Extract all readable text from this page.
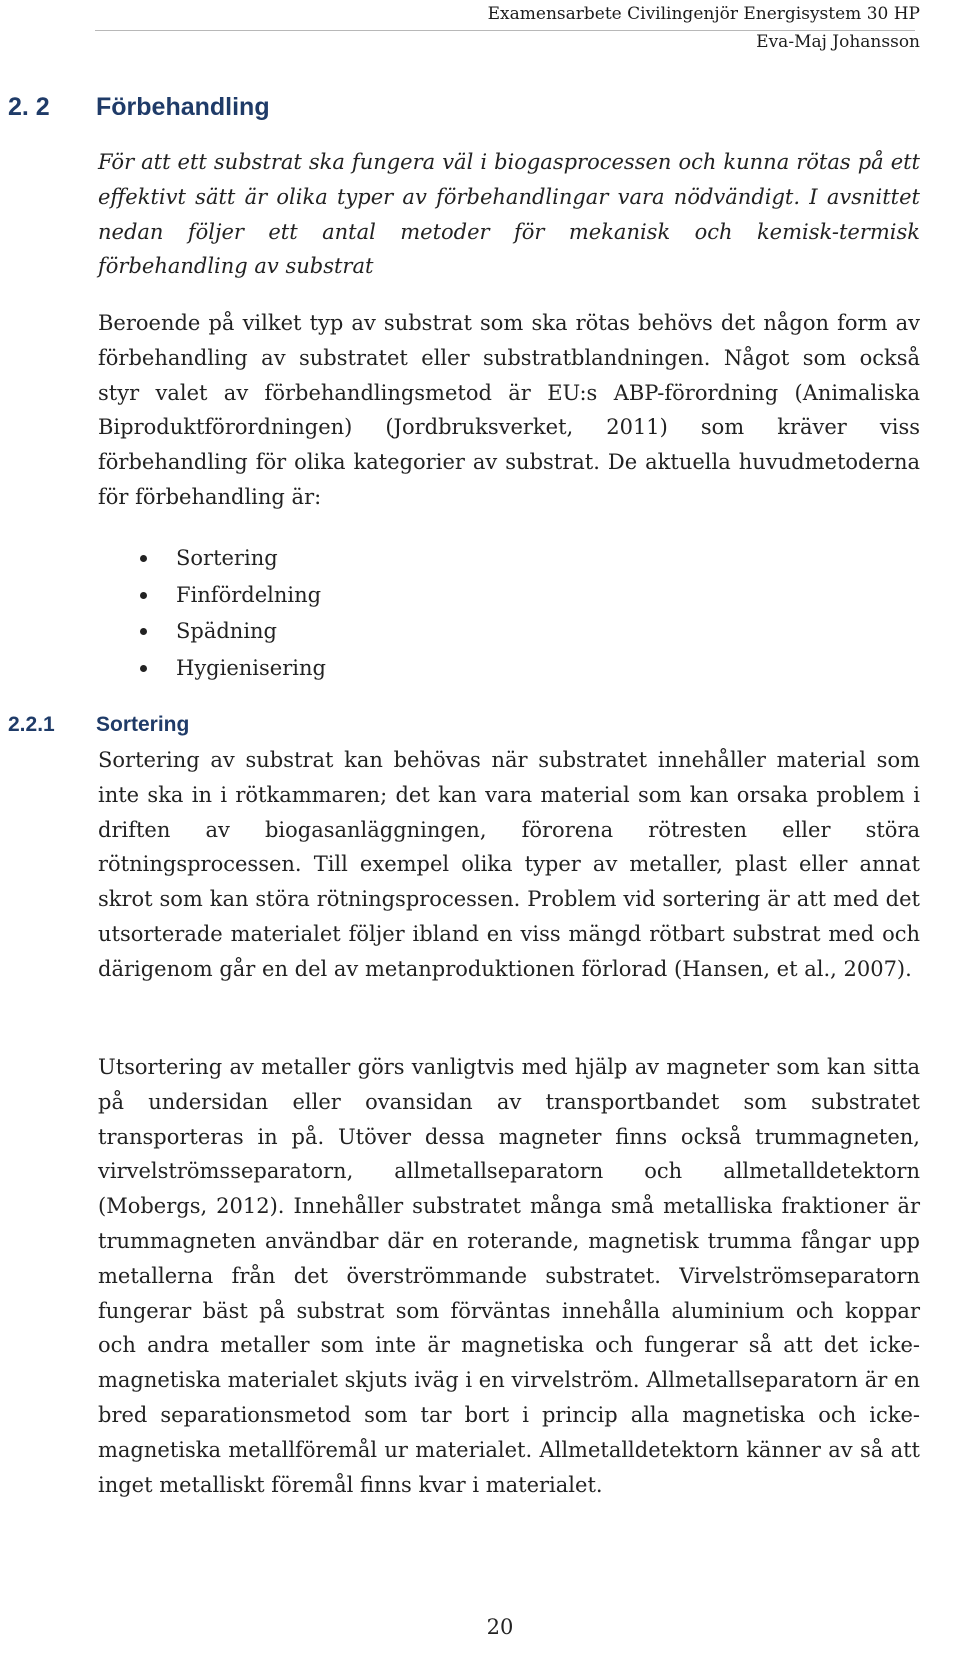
Examensarbete Civilingenjör Energisystem 30 HP
Eva-Maj Johansson
2. 2 Förbehandling
För att ett substrat ska fungera väl i biogasprocessen och kunna rötas på ett effektivt sätt är olika typer av förbehandlingar vara nödvändigt. I avsnittet nedan följer ett antal metoder för mekanisk och kemisk-termisk förbehandling av substrat
Beroende på vilket typ av substrat som ska rötas behövs det någon form av förbehandling av substratet eller substratblandningen. Något som också styr valet av förbehandlingsmetod är EU:s ABP-förordning (Animaliska Biproduktförordningen) (Jordbruksverket, 2011) som kräver viss förbehandling för olika kategorier av substrat. De aktuella huvudmetoderna för förbehandling är:
Sortering
Finfördelning
Spädning
Hygienisering
2.2.1 Sortering
Sortering av substrat kan behövas när substratet innehåller material som inte ska in i rötkammaren; det kan vara material som kan orsaka problem i driften av biogasanläggningen, förorena rötresten eller störa rötningsprocessen. Till exempel olika typer av metaller, plast eller annat skrot som kan störa rötningsprocessen. Problem vid sortering är att med det utsorterade materialet följer ibland en viss mängd rötbart substrat med och därigenom går en del av metanproduktionen förlorad (Hansen, et al., 2007).
Utsortering av metaller görs vanligtvis med hjälp av magneter som kan sitta på undersidan eller ovansidan av transportbandet som substratet transporteras in på. Utöver dessa magneter finns också trummagneten, virvelströmsseparatorn, allmetallseparatorn och allmetalldetektorn (Mobergs, 2012). Innehåller substratet många små metalliska fraktioner är trummagneten användbar där en roterande, magnetisk trumma fångar upp metallerna från det överströmmande substratet. Virvelströmseparatorn fungerar bäst på substrat som förväntas innehålla aluminium och koppar och andra metaller som inte är magnetiska och fungerar så att det icke-magnetiska materialet skjuts iväg i en virvelström. Allmetallseparatorn är en bred separationsmetod som tar bort i princip alla magnetiska och icke-magnetiska metallföremål ur materialet. Allmetalldetektorn känner av så att inget metalliskt föremål finns kvar i materialet.
20
